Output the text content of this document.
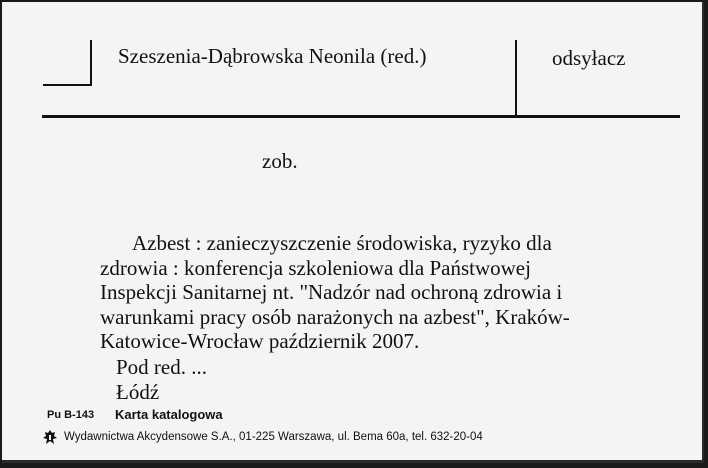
Szeszenia-Dąbrowska Neonila (red.)	odsyłacz
zob.

Azbest : zanieczyszczenie środowiska, ryzyko dla
zdrowia : konferencja szkoleniowa dla Państwowej
Inspekcji Sanitarnej nt. "Nadzór nad ochroną zdrowia i
warunkami pracy osób narażonych na azbest", Kraków-
Katowice-Wrocław październik 2007.

Pod red. ...
Łódź
Pu B-143 Karta katalogowa
Wydawnictwa Akcydensowe S.A., 01-225 Warszawa, ul. Bema 60a, tel. 632-20-04
